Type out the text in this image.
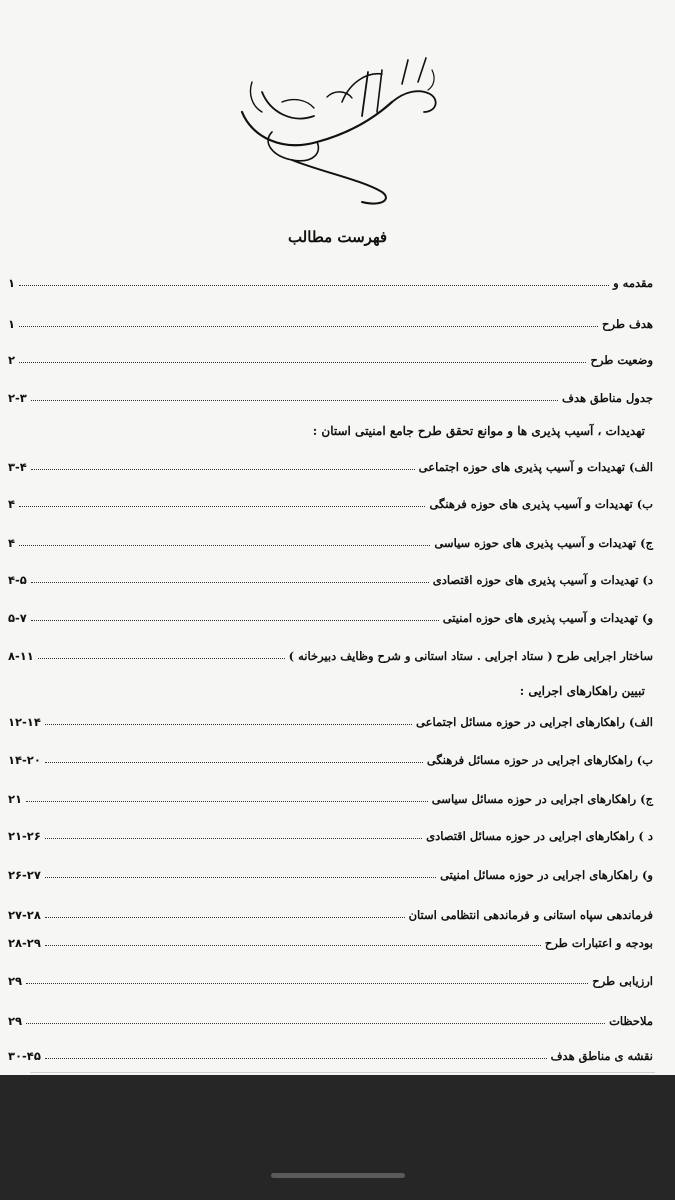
فهرست مطالب
مقدمه و
۱
هدف طرح
۱
وضعیت طرح
۲
جدول مناطق هدف
۲-۳
تهدیدات ، آسیب پذیری ها و موانع تحقق طرح جامع امنیتی استان :
الف) تهدیدات و آسیب پذیری های حوزه اجتماعی
۳-۴
ب) تهدیدات و آسیب پذیری های حوزه فرهنگی
۴
ج) تهدیدات و آسیب پذیری های حوزه سیاسی
۴
د) تهدیدات و آسیب پذیری های حوزه اقتصادی
۴-۵
و) تهدیدات و آسیب پذیری های حوزه امنیتی
۵-۷
ساختار اجرایی طرح ( ستاد اجرایی . ستاد استانی و شرح وظایف دبیرخانه )
۸-۱۱
تبیین راهکارهای اجرایی :
الف) راهکارهای اجرایی در حوزه مسائل اجتماعی
۱۲-۱۴
ب) راهکارهای اجرایی در حوزه مسائل فرهنگی
۱۴-۲۰
ج) راهکارهای اجرایی در حوزه مسائل سیاسی
۲۱
د ) راهکارهای اجرایی در حوزه مسائل اقتصادی
۲۱-۲۶
و) راهکارهای اجرایی در حوزه مسائل امنیتی
۲۶-۲۷
فرماندهی سپاه استانی و فرماندهی انتظامی استان
۲۷-۲۸
بودجه و اعتبارات طرح
۲۸-۲۹
ارزیابی طرح
۲۹
ملاحظات
۲۹
نقشه ی مناطق هدف
۳۰-۴۵
